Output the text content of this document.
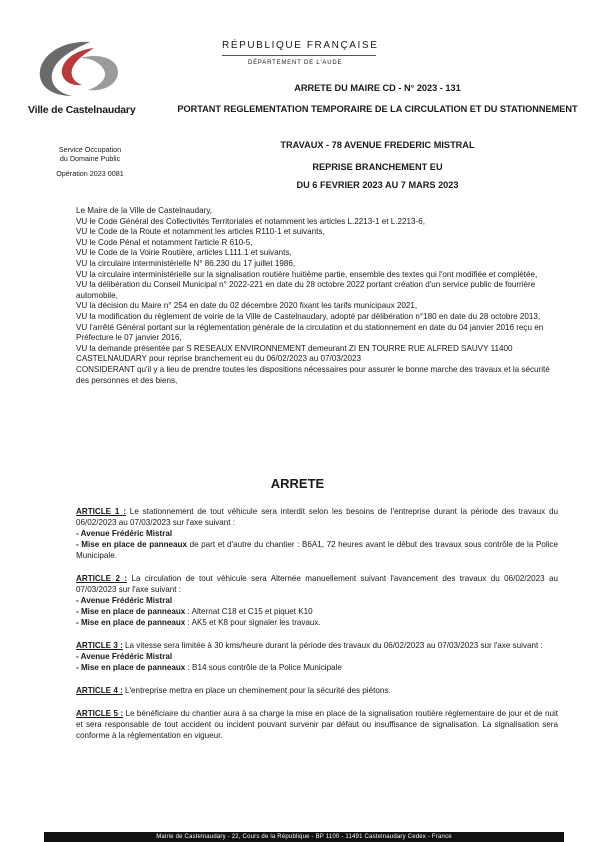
Ville de Castelnaudary
Service Occupation
du Domaine Public
Opération 2023 0081
RÉPUBLIQUE FRANÇAISE
DÉPARTEMENT DE L'AUDE
ARRETE DU MAIRE CD - N° 2023 - 131
PORTANT REGLEMENTATION TEMPORAIRE DE LA CIRCULATION ET DU STATIONNEMENT
TRAVAUX - 78 AVENUE FREDERIC MISTRAL
REPRISE BRANCHEMENT EU
DU 6 FEVRIER 2023 AU 7 MARS 2023

Le Maire de la Ville de Castelnaudary,

VU le Code Général des Collectivités Territoriales et notamment les articles L.2213-1 et L.2213-6,

VU le Code de la Route et notamment les articles R110-1 et suivants,

VU le Code Pénal et notamment l'article R 610-5,

VU le Code de la Voirie Routière, articles L111.1 et suivants,

VU la circulaire interministérielle N° 86.230 du 17 juillet 1986,

VU la circulaire interministérielle sur la signalisation routière huitième partie, ensemble des textes qui l'ont modifiée et complétée,

VU la délibération du Conseil Municipal n° 2022-221 en date du 28 octobre 2022 portant création d'un service public de fourrière automobile,

VU la décision du Maire n° 254 en date du 02 décembre 2020 fixant les tarifs municipaux 2021,

VU la modification du règlement de voirie de la Ville de Castelnaudary, adopté par délibération n°180 en date du 28 octobre 2013,

VU l'arrêté Général portant sur la réglementation générale de la circulation et du stationnement en date du 04 janvier 2016 reçu en Préfecture le 07 janvier 2016,

VU la demande présentée par S RESEAUX ENVIRONNEMENT demeurant ZI EN TOURRE RUE ALFRED SAUVY 11400 CASTELNAUDARY pour reprise branchement eu du 06/02/2023 au 07/03/2023

CONSIDERANT qu'il y a lieu de prendre toutes les dispositions nécessaires pour assurer le bonne marche des travaux et la sécurité des personnes et des biens,

ARRETE

ARTICLE 1 : Le stationnement de tout véhicule sera interdit selon les besoins de l'entreprise durant la période des travaux du 06/02/2023 au 07/03/2023 sur l'axe suivant :

- Avenue Frédéric Mistral

- Mise en place de panneaux de part et d'autre du chantier : B6A1, 72 heures avant le début des travaux sous contrôle de la Police Municipale.

ARTICLE 2 : La circulation de tout véhicule sera Alternée manuellement suivant l'avancement des travaux du 06/02/2023 au 07/03/2023 sur l'axe suivant :

- Avenue Frédéric Mistral

- Mise en place de panneaux : Alternat C18 et C15 et piquet K10

- Mise en place de panneaux : AK5 et K8 pour signaler les travaux.

ARTICLE 3 : La vitesse sera limitée à 30 kms/heure durant la période des travaux du 06/02/2023 au 07/03/2023 sur l'axe suivant :

- Avenue Frédéric Mistral

- Mise en place de panneaux : B14 sous contrôle de la Police Municipale

ARTICLE 4 : L'entreprise mettra en place un cheminement pour la sécurité des piétons.

ARTICLE 5 : Le bénéficiaire du chantier aura à sa charge la mise en place de la signalisation routière réglementaire de jour et de nuit et sera responsable de tout accident ou incident pouvant survenir par défaut ou insuffisance de signalisation. La signalisation sera conforme à la réglementation en vigueur.

Mairie de Castelnaudary - 22, Cours de la République - BP 1100 - 11491 Castelnaudary Cedex - France
